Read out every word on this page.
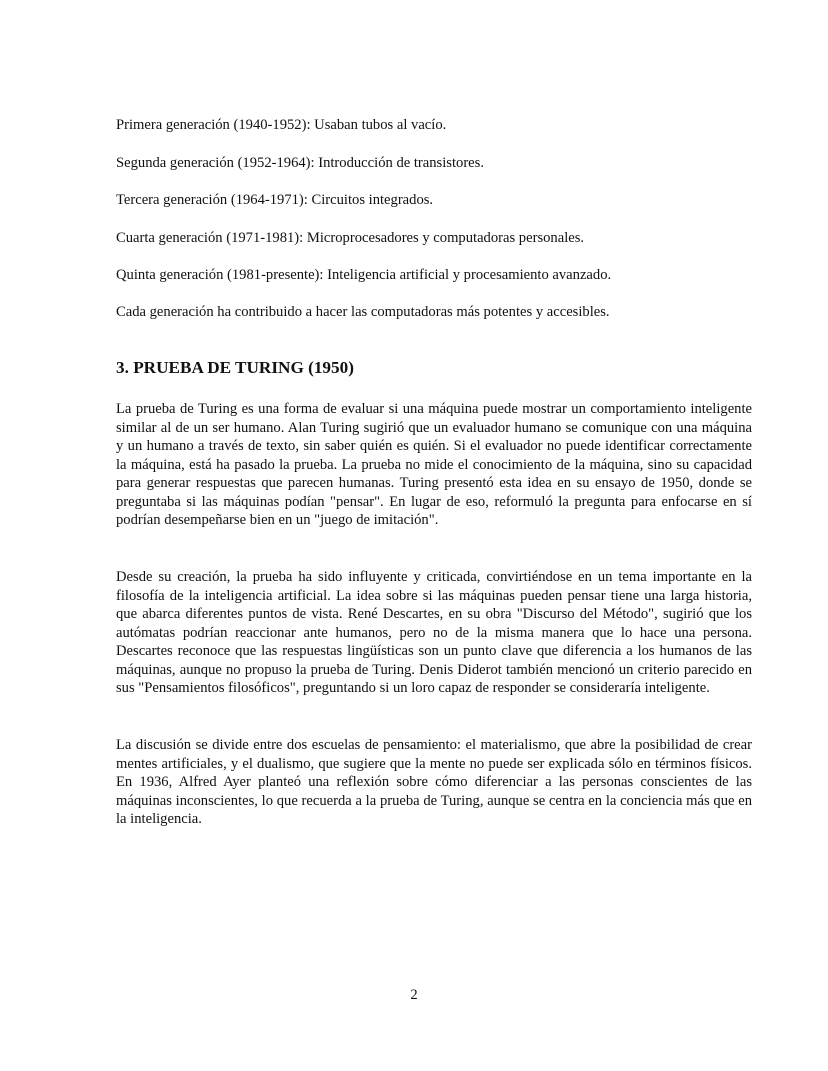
Primera generación (1940-1952): Usaban tubos al vacío.
Segunda generación (1952-1964): Introducción de transistores.
Tercera generación (1964-1971): Circuitos integrados.
Cuarta generación (1971-1981): Microprocesadores y computadoras personales.
Quinta generación (1981-presente): Inteligencia artificial y procesamiento avanzado.

Cada generación ha contribuido a hacer las computadoras más potentes y accesibles.

3. PRUEBA DE TURING (1950)

La prueba de Turing es una forma de evaluar si una máquina puede mostrar un comportamiento inteligente similar al de un ser humano. Alan Turing sugirió que un evaluador humano se comunique con una máquina y un humano a través de texto, sin saber quién es quién. Si el evaluador no puede identificar correctamente la máquina, está ha pasado la prueba. La prueba no mide el conocimiento de la máquina, sino su capacidad para generar respuestas que parecen humanas. Turing presentó esta idea en su ensayo de 1950, donde se preguntaba si las máquinas podían "pensar". En lugar de eso, reformuló la pregunta para enfocarse en sí podrían desempeñarse bien en un "juego de imitación".

Desde su creación, la prueba ha sido influyente y criticada, convirtiéndose en un tema importante en la filosofía de la inteligencia artificial. La idea sobre si las máquinas pueden pensar tiene una larga historia, que abarca diferentes puntos de vista. René Descartes, en su obra "Discurso del Método", sugirió que los autómatas podrían reaccionar ante humanos, pero no de la misma manera que lo hace una persona. Descartes reconoce que las respuestas lingüísticas son un punto clave que diferencia a los humanos de las máquinas, aunque no propuso la prueba de Turing. Denis Diderot también mencionó un criterio parecido en sus "Pensamientos filosóficos", preguntando si un loro capaz de responder se consideraría inteligente.

La discusión se divide entre dos escuelas de pensamiento: el materialismo, que abre la posibilidad de crear mentes artificiales, y el dualismo, que sugiere que la mente no puede ser explicada sólo en términos físicos. En 1936, Alfred Ayer planteó una reflexión sobre cómo diferenciar a las personas conscientes de las máquinas inconscientes, lo que recuerda a la prueba de Turing, aunque se centra en la conciencia más que en la inteligencia.

2
